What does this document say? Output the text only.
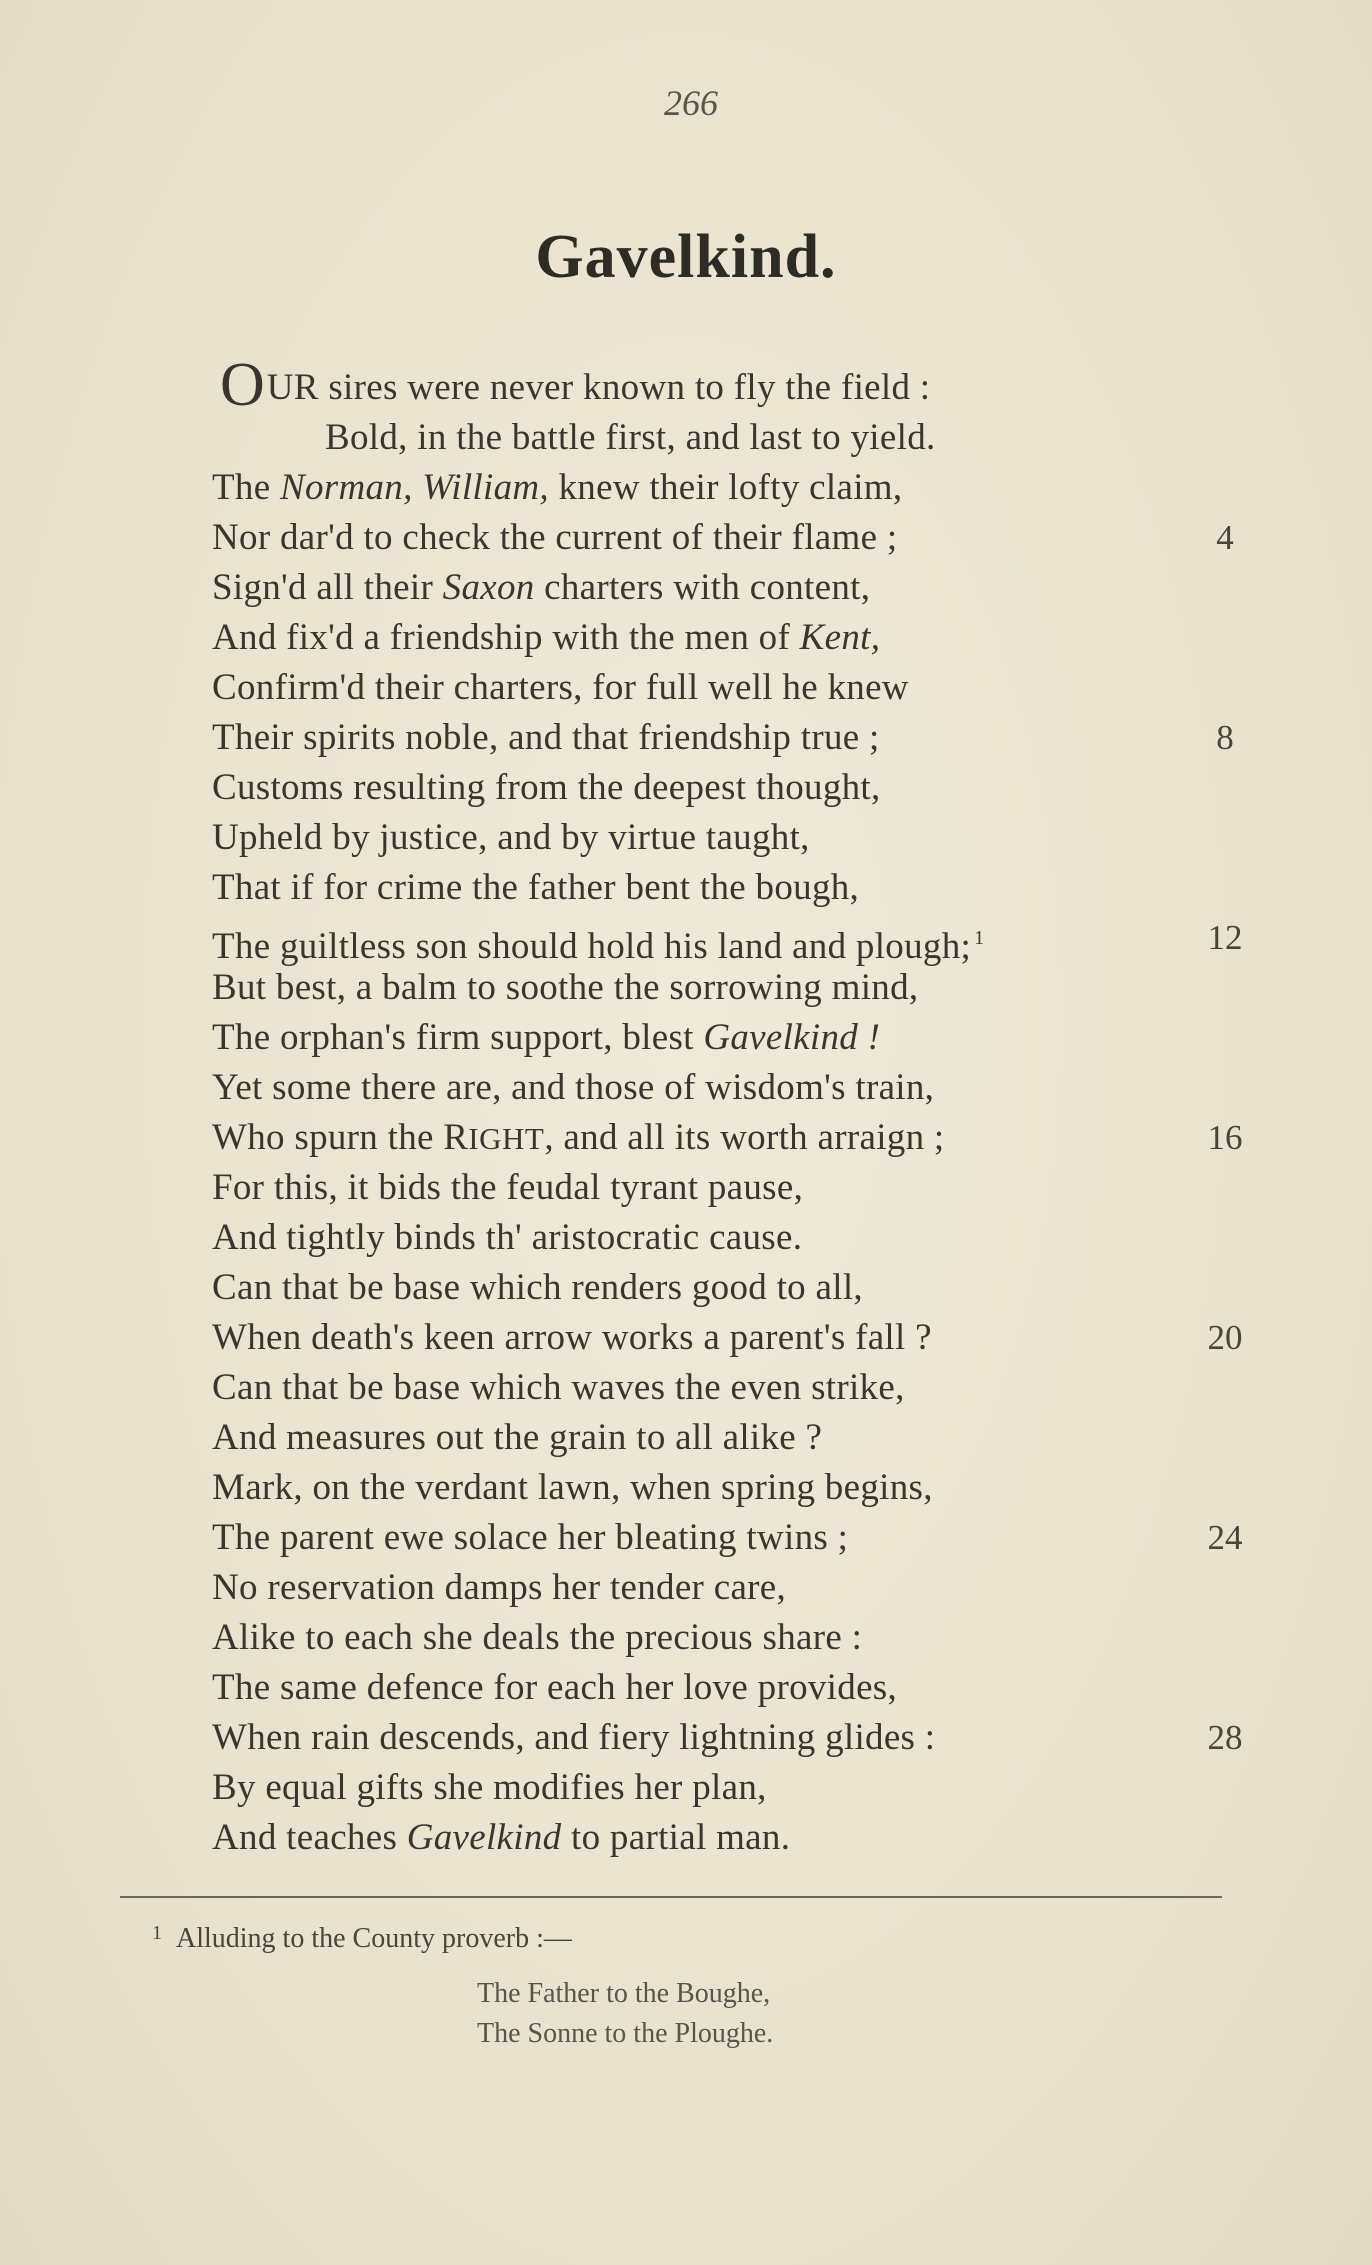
266
Gavelkind.
OUR sires were never known to fly the field :
Bold, in the battle first, and last to yield.
The Norman, William, knew their lofty claim,
Nor dar'd to check the current of their flame ;
Sign'd all their Saxon charters with content,
And fix'd a friendship with the men of Kent,
Confirm'd their charters, for full well he knew
Their spirits noble, and that friendship true ;
Customs resulting from the deepest thought,
Upheld by justice, and by virtue taught,
That if for crime the father bent the bough,
The guiltless son should hold his land and plough; $^1$
But best, a balm to soothe the sorrowing mind,
The orphan's firm support, blest Gavelkind !
Yet some there are, and those of wisdom's train,
Who spurn the RIGHT, and all its worth arraign ;
For this, it bids the feudal tyrant pause,
And tightly binds th' aristocratic cause.
Can that be base which renders good to all,
When death's keen arrow works a parent's fall ?
Can that be base which waves the even strike,
And measures out the grain to all alike ?
Mark, on the verdant lawn, when spring begins,
The parent ewe solace her bleating twins ;
No reservation damps her tender care,
Alike to each she deals the precious share :
The same defence for each her love provides,
When rain descends, and fiery lightning glides :
By equal gifts she modifies her plan,
And teaches Gavelkind to partial man.
4
8
12
16
20
24
28
$^1$ Alluding to the County proverb :—
The Father to the Boughe,
The Sonne to the Ploughe.
